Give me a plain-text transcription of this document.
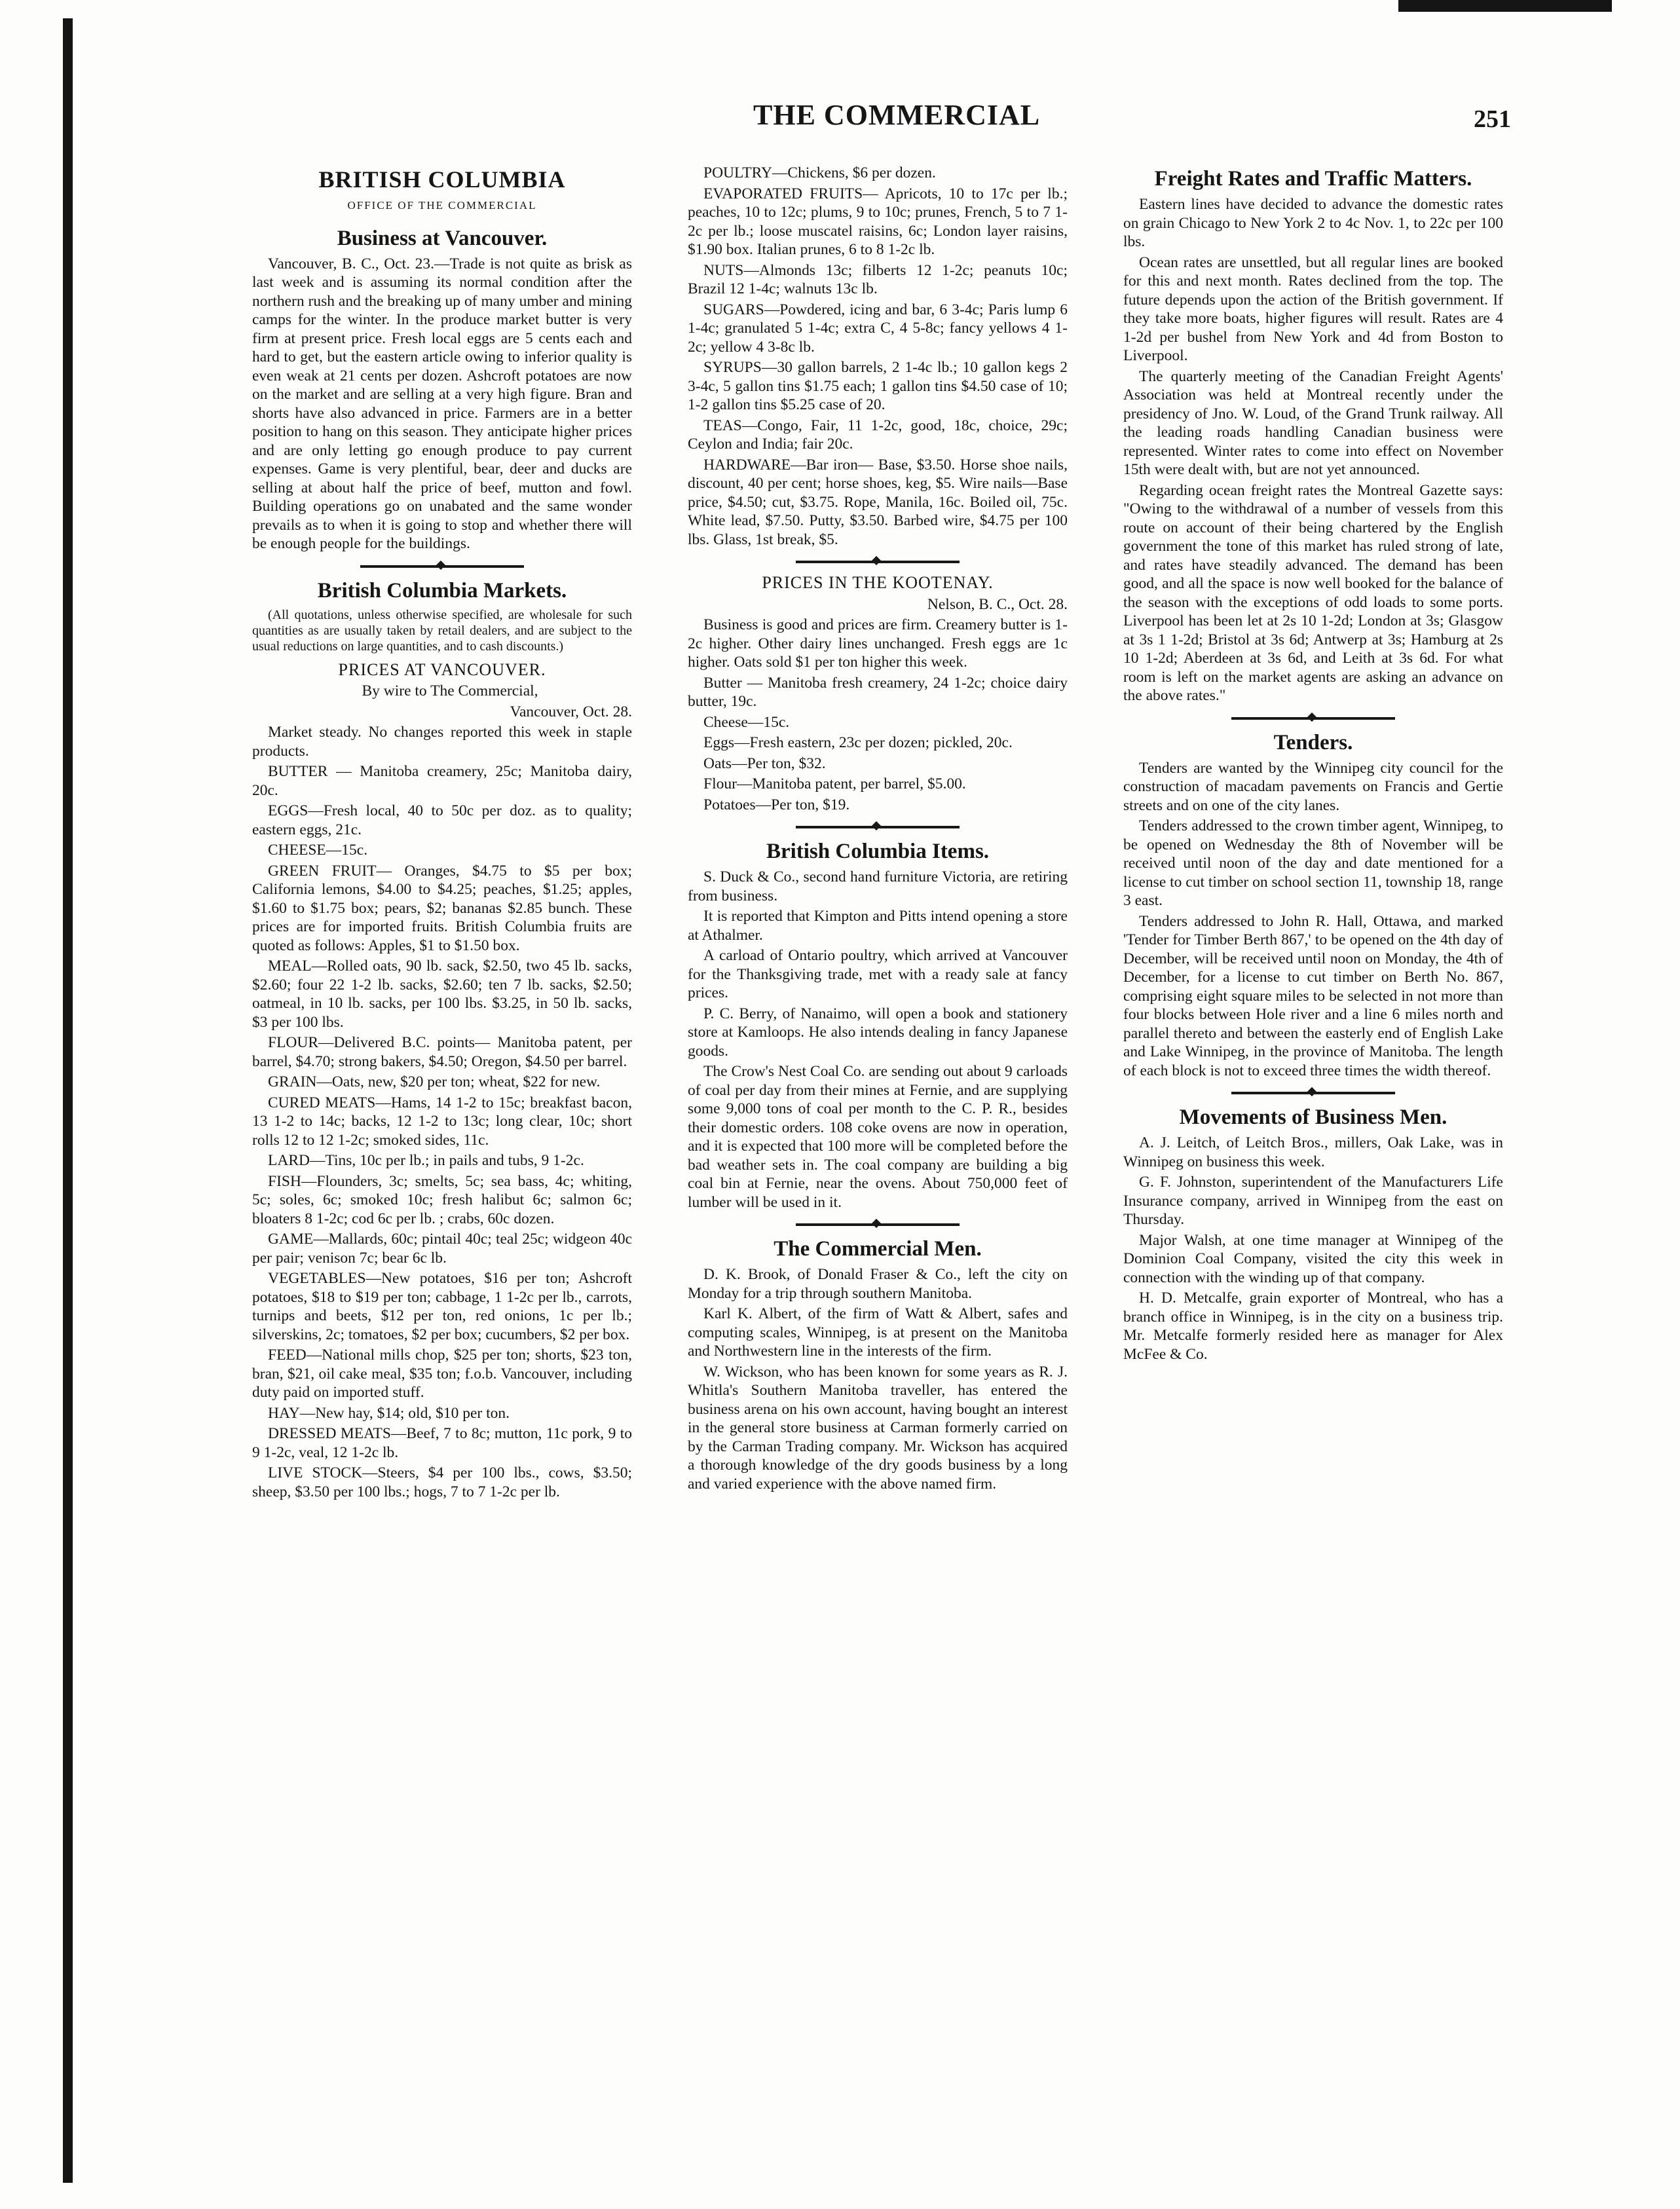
THE COMMERCIAL	251
BRITISH COLUMBIA
OFFICE OF THE COMMERCIAL
Business at Vancouver.

Vancouver, B. C., Oct. 23.—Trade is not quite as brisk as last week and is assuming its normal condition after the northern rush and the breaking up of many umber and mining camps for the winter. In the produce market butter is very firm at present price. Fresh local eggs are 5 cents each and hard to get, but the eastern article owing to inferior quality is even weak at 21 cents per dozen. Ashcroft potatoes are now on the market and are selling at a very high figure. Bran and shorts have also advanced in price. Farmers are in a better position to hang on this season. They anticipate higher prices and are only letting go enough produce to pay current expenses. Game is very plentiful, bear, deer and ducks are selling at about half the price of beef, mutton and fowl. Building operations go on unabated and the same wonder prevails as to when it is going to stop and whether there will be enough people for the buildings.

British Columbia Markets.

(All quotations, unless otherwise specified, are wholesale for such quantities as are usually taken by retail dealers, and are subject to the usual reductions on large quantities, and to cash discounts.)

PRICES AT VANCOUVER.

By wire to The Commercial,

Vancouver, Oct. 28.

Market steady. No changes reported this week in staple products.

BUTTER — Manitoba creamery, 25c; Manitoba dairy, 20c.

EGGS—Fresh local, 40 to 50c per doz. as to quality; eastern eggs, 21c.

CHEESE—15c.

GREEN FRUIT— Oranges, $4.75 to $5 per box; California lemons, $4.00 to $4.25; peaches, $1.25; apples, $1.60 to $1.75 box; pears, $2; bananas $2.85 bunch. These prices are for imported fruits. British Columbia fruits are quoted as follows: Apples, $1 to $1.50 box.

MEAL—Rolled oats, 90 lb. sack, $2.50, two 45 lb. sacks, $2.60; four 22 1-2 lb. sacks, $2.60; ten 7 lb. sacks, $2.50; oatmeal, in 10 lb. sacks, per 100 lbs. $3.25, in 50 lb. sacks, $3 per 100 lbs.

FLOUR—Delivered B.C. points— Manitoba patent, per barrel, $4.70; strong bakers, $4.50; Oregon, $4.50 per barrel.

GRAIN—Oats, new, $20 per ton; wheat, $22 for new.

CURED MEATS—Hams, 14 1-2 to 15c; breakfast bacon, 13 1-2 to 14c; backs, 12 1-2 to 13c; long clear, 10c; short rolls 12 to 12 1-2c; smoked sides, 11c.

LARD—Tins, 10c per lb.; in pails and tubs, 9 1-2c.

FISH—Flounders, 3c; smelts, 5c; sea bass, 4c; whiting, 5c; soles, 6c; smoked 10c; fresh halibut 6c; salmon 6c; bloaters 8 1-2c; cod 6c per lb. ; crabs, 60c dozen.

GAME—Mallards, 60c; pintail 40c; teal 25c; widgeon 40c per pair; venison 7c; bear 6c lb.

VEGETABLES—New potatoes, $16 per ton; Ashcroft potatoes, $18 to $19 per ton; cabbage, 1 1-2c per lb., carrots, turnips and beets, $12 per ton, red onions, 1c per lb.; silverskins, 2c; tomatoes, $2 per box; cucumbers, $2 per box.

FEED—National mills chop, $25 per ton; shorts, $23 ton, bran, $21, oil cake meal, $35 ton; f.o.b. Vancouver, including duty paid on imported stuff.

HAY—New hay, $14; old, $10 per ton.

DRESSED MEATS—Beef, 7 to 8c; mutton, 11c pork, 9 to 9 1-2c, veal, 12 1-2c lb.

LIVE STOCK—Steers, $4 per 100 lbs., cows, $3.50; sheep, $3.50 per 100 lbs.; hogs, 7 to 7 1-2c per lb.

POULTRY—Chickens, $6 per dozen.

EVAPORATED FRUITS— Apricots, 10 to 17c per lb.; peaches, 10 to 12c; plums, 9 to 10c; prunes, French, 5 to 7 1-2c per lb.; loose muscatel raisins, 6c; London layer raisins, $1.90 box. Italian prunes, 6 to 8 1-2c lb.

NUTS—Almonds 13c; filberts 12 1-2c; peanuts 10c; Brazil 12 1-4c; walnuts 13c lb.

SUGARS—Powdered, icing and bar, 6 3-4c; Paris lump 6 1-4c; granulated 5 1-4c; extra C, 4 5-8c; fancy yellows 4 1-2c; yellow 4 3-8c lb.

SYRUPS—30 gallon barrels, 2 1-4c lb.; 10 gallon kegs 2 3-4c, 5 gallon tins $1.75 each; 1 gallon tins $4.50 case of 10; 1-2 gallon tins $5.25 case of 20.

TEAS—Congo, Fair, 11 1-2c, good, 18c, choice, 29c; Ceylon and India; fair 20c.

HARDWARE—Bar iron— Base, $3.50. Horse shoe nails, discount, 40 per cent; horse shoes, keg, $5. Wire nails—Base price, $4.50; cut, $3.75. Rope, Manila, 16c. Boiled oil, 75c. White lead, $7.50. Putty, $3.50. Barbed wire, $4.75 per 100 lbs. Glass, 1st break, $5.

PRICES IN THE KOOTENAY.

Nelson, B. C., Oct. 28.

Business is good and prices are firm. Creamery butter is 1-2c higher. Other dairy lines unchanged. Fresh eggs are 1c higher. Oats sold $1 per ton higher this week.

Butter — Manitoba fresh creamery, 24 1-2c; choice dairy butter, 19c.

Cheese—15c.

Eggs—Fresh eastern, 23c per dozen; pickled, 20c.

Oats—Per ton, $32.

Flour—Manitoba patent, per barrel, $5.00.

Potatoes—Per ton, $19.

British Columbia Items.

S. Duck & Co., second hand furniture Victoria, are retiring from business.

It is reported that Kimpton and Pitts intend opening a store at Athalmer.

A carload of Ontario poultry, which arrived at Vancouver for the Thanksgiving trade, met with a ready sale at fancy prices.

P. C. Berry, of Nanaimo, will open a book and stationery store at Kamloops. He also intends dealing in fancy Japanese goods.

The Crow's Nest Coal Co. are sending out about 9 carloads of coal per day from their mines at Fernie, and are supplying some 9,000 tons of coal per month to the C. P. R., besides their domestic orders. 108 coke ovens are now in operation, and it is expected that 100 more will be completed before the bad weather sets in. The coal company are building a big coal bin at Fernie, near the ovens. About 750,000 feet of lumber will be used in it.

The Commercial Men.

D. K. Brook, of Donald Fraser & Co., left the city on Monday for a trip through southern Manitoba.

Karl K. Albert, of the firm of Watt & Albert, safes and computing scales, Winnipeg, is at present on the Manitoba and Northwestern line in the interests of the firm.

W. Wickson, who has been known for some years as R. J. Whitla's Southern Manitoba traveller, has entered the business arena on his own account, having bought an interest in the general store business at Carman formerly carried on by the Carman Trading company. Mr. Wickson has acquired a thorough knowledge of the dry goods business by a long and varied experience with the above named firm.

Freight Rates and Traffic Matters.

Eastern lines have decided to advance the domestic rates on grain Chicago to New York 2 to 4c Nov. 1, to 22c per 100 lbs.

Ocean rates are unsettled, but all regular lines are booked for this and next month. Rates declined from the top. The future depends upon the action of the British government. If they take more boats, higher figures will result. Rates are 4 1-2d per bushel from New York and 4d from Boston to Liverpool.

The quarterly meeting of the Canadian Freight Agents' Association was held at Montreal recently under the presidency of Jno. W. Loud, of the Grand Trunk railway. All the leading roads handling Canadian business were represented. Winter rates to come into effect on November 15th were dealt with, but are not yet announced.

Regarding ocean freight rates the Montreal Gazette says: "Owing to the withdrawal of a number of vessels from this route on account of their being chartered by the English government the tone of this market has ruled strong of late, and rates have steadily advanced. The demand has been good, and all the space is now well booked for the balance of the season with the exceptions of odd loads to some ports. Liverpool has been let at 2s 10 1-2d; London at 3s; Glasgow at 3s 1 1-2d; Bristol at 3s 6d; Antwerp at 3s; Hamburg at 2s 10 1-2d; Aberdeen at 3s 6d, and Leith at 3s 6d. For what room is left on the market agents are asking an advance on the above rates."

Tenders.

Tenders are wanted by the Winnipeg city council for the construction of macadam pavements on Francis and Gertie streets and on one of the city lanes.

Tenders addressed to the crown timber agent, Winnipeg, to be opened on Wednesday the 8th of November will be received until noon of the day and date mentioned for a license to cut timber on school section 11, township 18, range 3 east.

Tenders addressed to John R. Hall, Ottawa, and marked 'Tender for Timber Berth 867,' to be opened on the 4th day of December, will be received until noon on Monday, the 4th of December, for a license to cut timber on Berth No. 867, comprising eight square miles to be selected in not more than four blocks between Hole river and a line 6 miles north and parallel thereto and between the easterly end of English Lake and Lake Winnipeg, in the province of Manitoba. The length of each block is not to exceed three times the width thereof.

Movements of Business Men.

A. J. Leitch, of Leitch Bros., millers, Oak Lake, was in Winnipeg on business this week.

G. F. Johnston, superintendent of the Manufacturers Life Insurance company, arrived in Winnipeg from the east on Thursday.

Major Walsh, at one time manager at Winnipeg of the Dominion Coal Company, visited the city this week in connection with the winding up of that company.

H. D. Metcalfe, grain exporter of Montreal, who has a branch office in Winnipeg, is in the city on a business trip. Mr. Metcalfe formerly resided here as manager for Alex McFee & Co.
